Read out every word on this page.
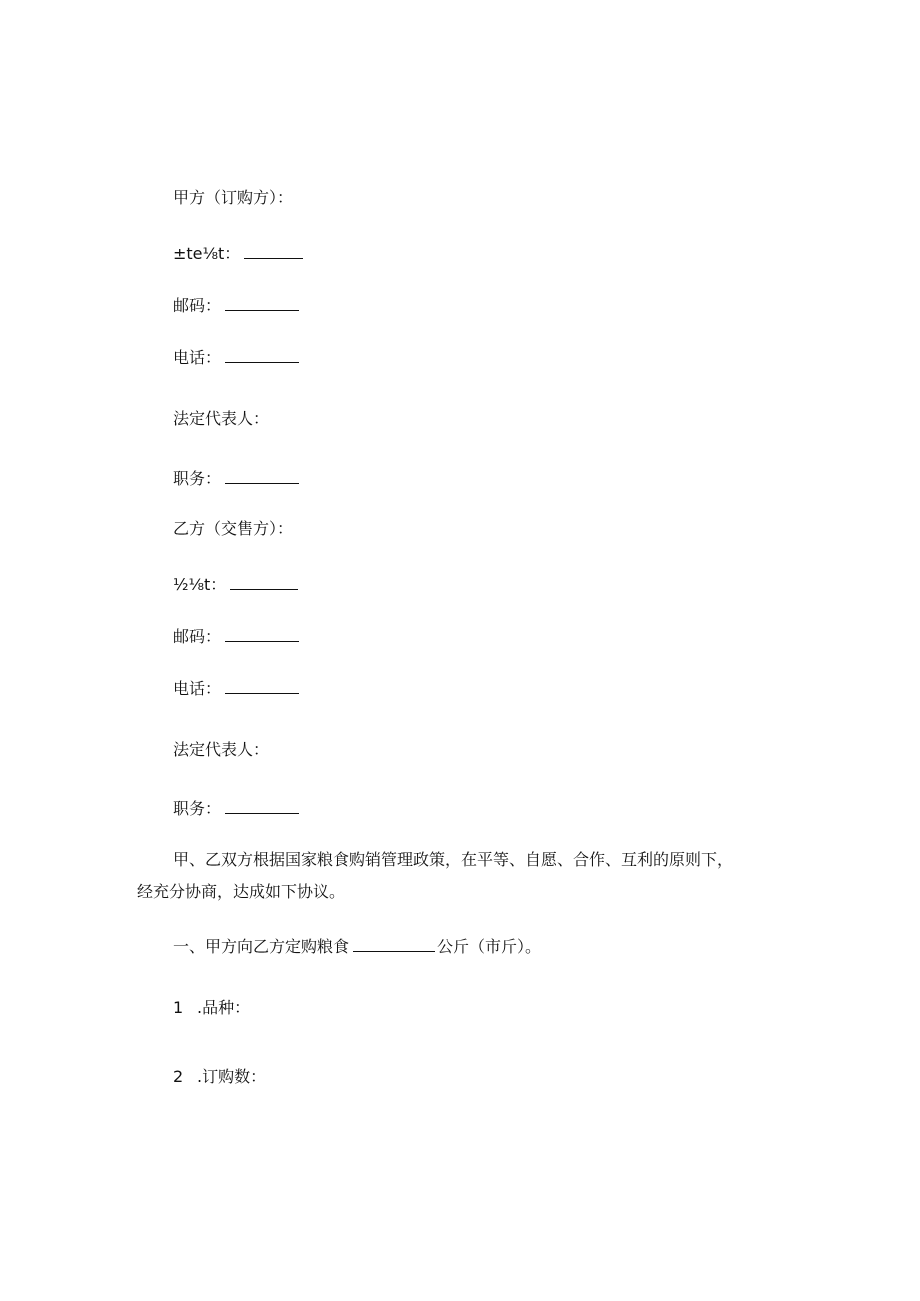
甲方（订购方）：
±te⅛t：
邮码：
电话：
法定代表人：
职务：
乙方（交售方）：
½⅛t：
邮码：
电话：
法定代表人：
职务：
甲、乙双方根据国家粮食购销管理政策，在平等、自愿、合作、互利的原则下，
经充分协商，达成如下协议。
一、甲方向乙方定购粮食	公斤（市斤）。
1 .品种：
2 .订购数：
